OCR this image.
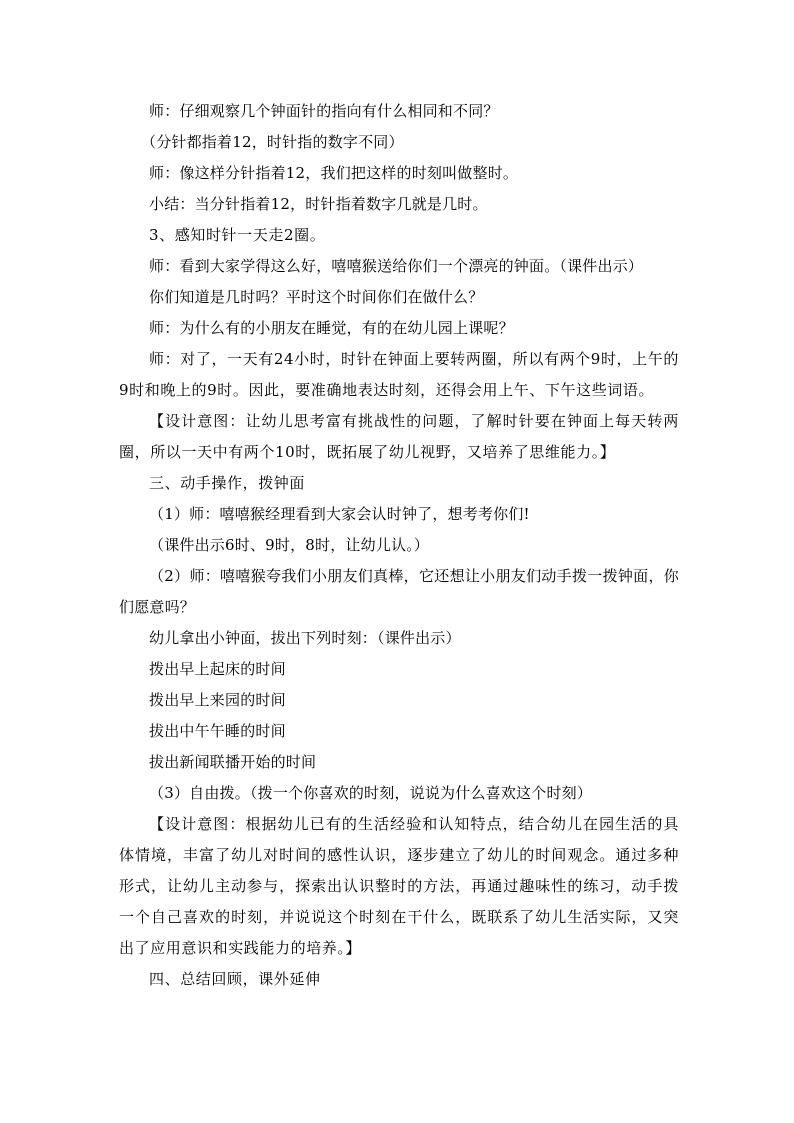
师：仔细观察几个钟面针的指向有什么相同和不同？
（分针都指着12，时针指的数字不同）
师：像这样分针指着12，我们把这样的时刻叫做整时。
小结：当分针指着12，时针指着数字几就是几时。
3、感知时针一天走2圈。
师：看到大家学得这么好，嘻嘻猴送给你们一个漂亮的钟面。（课件出示）
你们知道是几时吗？平时这个时间你们在做什么？
师：为什么有的小朋友在睡觉，有的在幼儿园上课呢？
师：对了，一天有24小时，时针在钟面上要转两圈，所以有两个9时，上午的9时和晚上的9时。因此，要准确地表达时刻，还得会用上午、下午这些词语。
【设计意图：让幼儿思考富有挑战性的问题，了解时针要在钟面上每天转两圈，所以一天中有两个10时，既拓展了幼儿视野，又培养了思维能力。】
三、动手操作，拨钟面
（1）师：嘻嘻猴经理看到大家会认时钟了，想考考你们!
（课件出示6时、9时，8时，让幼儿认。）
（2）师：嘻嘻猴夸我们小朋友们真棒，它还想让小朋友们动手拨一拨钟面，你们愿意吗？
幼儿拿出小钟面，拔出下列时刻：（课件出示）
拨出早上起床的时间
拨出早上来园的时间
拔出中午午睡的时间
拔出新闻联播开始的时间
（3）自由拨。（拨一个你喜欢的时刻，说说为什么喜欢这个时刻）
【设计意图：根据幼儿已有的生活经验和认知特点，结合幼儿在园生活的具体情境，丰富了幼儿对时间的感性认识，逐步建立了幼儿的时间观念。通过多种形式，让幼儿主动参与，探索出认识整时的方法，再通过趣味性的练习，动手拨一个自己喜欢的时刻，并说说这个时刻在干什么，既联系了幼儿生活实际，又突出了应用意识和实践能力的培养。】
四、总结回顾，课外延伸
